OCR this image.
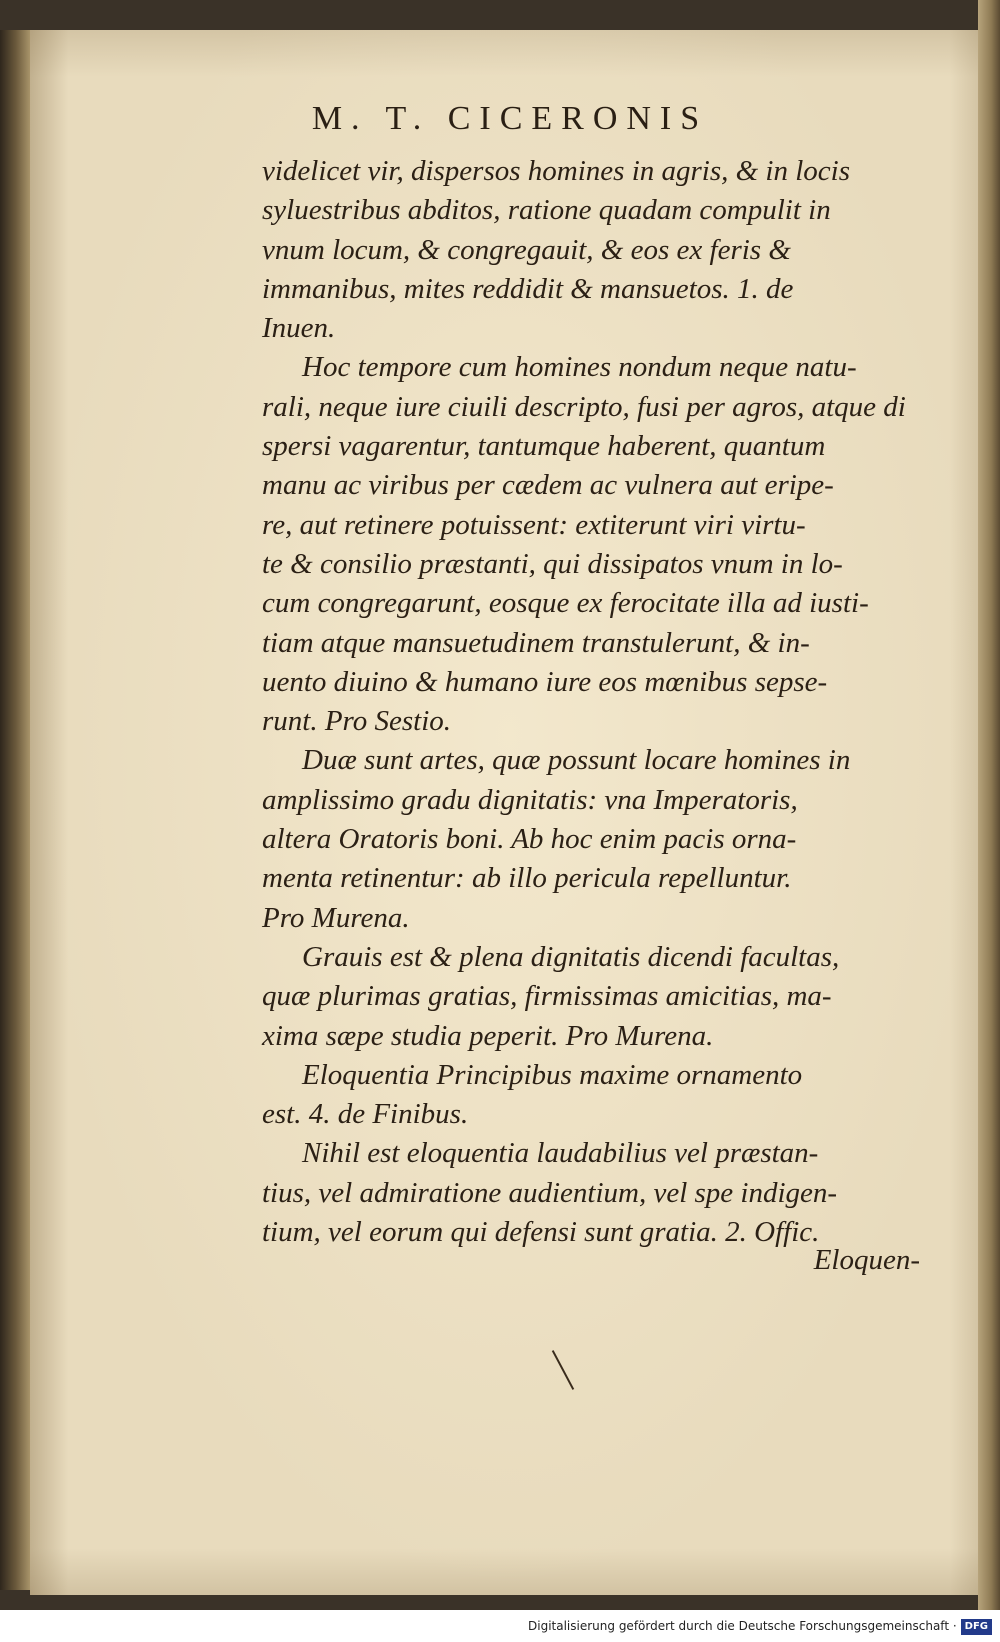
M. T. CICERONIS
videlicet vir, dispersos homines in agris, & in locis
syluestribus abditos, ratione quadam compulit in
vnum locum, & congregauit, & eos ex feris &
immanibus, mites reddidit & mansuetos. 1. de
Inuen.
Hoc tempore cum homines nondum neque natu-
rali, neque iure ciuili descripto, fusi per agros, atque di
spersi vagarentur, tantumque haberent, quantum
manu ac viribus per cædem ac vulnera aut eripe-
re, aut retinere potuissent: extiterunt viri virtu-
te & consilio præstanti, qui dissipatos vnum in lo-
cum congregarunt, eosque ex ferocitate illa ad iusti-
tiam atque mansuetudinem transtulerunt, & in-
uento diuino & humano iure eos mœnibus sepse-
runt. Pro Sestio.
Duæ sunt artes, quæ possunt locare homines in
amplissimo gradu dignitatis: vna Imperatoris,
altera Oratoris boni. Ab hoc enim pacis orna-
menta retinentur: ab illo pericula repelluntur.
Pro Murena.
Grauis est & plena dignitatis dicendi facultas,
quæ plurimas gratias, firmissimas amicitias, ma-
xima sæpe studia peperit. Pro Murena.
Eloquentia Principibus maxime ornamento
est. 4. de Finibus.
Nihil est eloquentia laudabilius vel præstan-
tius, vel admiratione audientium, vel spe indigen-
tium, vel eorum qui defensi sunt gratia. 2. Offic.
Eloquen-
Digitalisierung gefördert durch die Deutsche Forschungsgemeinschaft · DFG
